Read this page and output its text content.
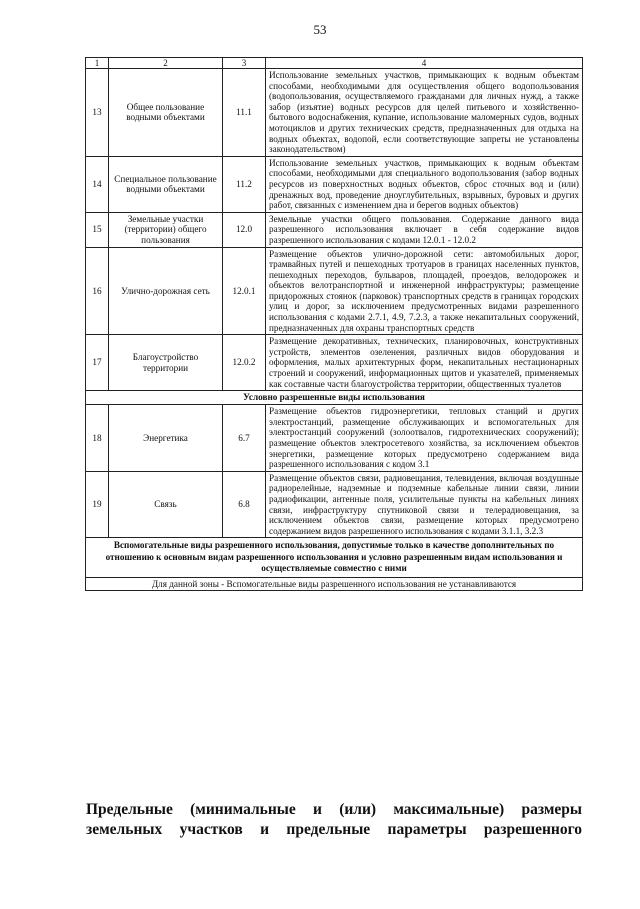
53
1	2	3	4
13	Общее пользование водными объектами	11.1	Использование земельных участков, примыкающих к водным объектам способами, необходимыми для осуществления общего водопользования (водопользования, осуществляемого гражданами для личных нужд, а также забор (изъятие) водных ресурсов для целей питьевого и хозяйственно-бытового водоснабжения, купание, использование маломерных судов, водных мотоциклов и других технических средств, предназначенных для отдыха на водных объектах, водопой, если соответствующие запреты не установлены законодательством)
14	Специальное пользование водными объектами	11.2	Использование земельных участков, примыкающих к водным объектам способами, необходимыми для специального водопользования (забор водных ресурсов из поверхностных водных объектов, сброс сточных вод и (или) дренажных вод, проведение дноуглубительных, взрывных, буровых и других работ, связанных с изменением дна и берегов водных объектов)
15	Земельные участки (территории) общего пользования	12.0	Земельные участки общего пользования. Содержание данного вида разрешенного использования включает в себя содержание видов разрешенного использования с кодами 12.0.1 - 12.0.2
16	Улично-дорожная сеть	12.0.1	Размещение объектов улично-дорожной сети: автомобильных дорог, трамвайных путей и пешеходных тротуаров в границах населенных пунктов, пешеходных переходов, бульваров, площадей, проездов, велодорожек и объектов велотранспортной и инженерной инфраструктуры; размещение придорожных стоянок (парковок) транспортных средств в границах городских улиц и дорог, за исключением предусмотренных видами разрешенного использования с кодами 2.7.1, 4.9, 7.2.3, а также некапитальных сооружений, предназначенных для охраны транспортных средств
17	Благоустройство территории	12.0.2	Размещение декоративных, технических, планировочных, конструктивных устройств, элементов озеленения, различных видов оборудования и оформления, малых архитектурных форм, некапитальных нестационарных строений и сооружений, информационных щитов и указателей, применяемых как составные части благоустройства территории, общественных туалетов
Условно разрешенные виды использования			
18	Энергетика	6.7	Размещение объектов гидроэнергетики, тепловых станций и других электростанций, размещение обслуживающих и вспомогательных для электростанций сооружений (золоотвалов, гидротехнических сооружений); размещение объектов электросетевого хозяйства, за исключением объектов энергетики, размещение которых предусмотрено содержанием вида разрешенного использования с кодом 3.1
19	Связь	6.8	Размещение объектов связи, радиовещания, телевидения, включая воздушные радиорелейные, надземные и подземные кабельные линии связи, линии радиофикации, антенные поля, усилительные пункты на кабельных линиях связи, инфраструктуру спутниковой связи и телерадиовещания, за исключением объектов связи, размещение которых предусмотрено содержанием видов разрешенного использования с кодами 3.1.1, 3.2.3
Вспомогательные виды разрешенного использования, допустимые только в качестве дополнительных по отношению к основным видам разрешенного использования и условно разрешенным видам использования и осуществляемые совместно с ними			
Для данной зоны - Вспомогательные виды разрешенного использования не устанавливаются			
Предельные (минимальные и (или) максимальные) размеры
земельных участков и предельные параметры разрешенного
